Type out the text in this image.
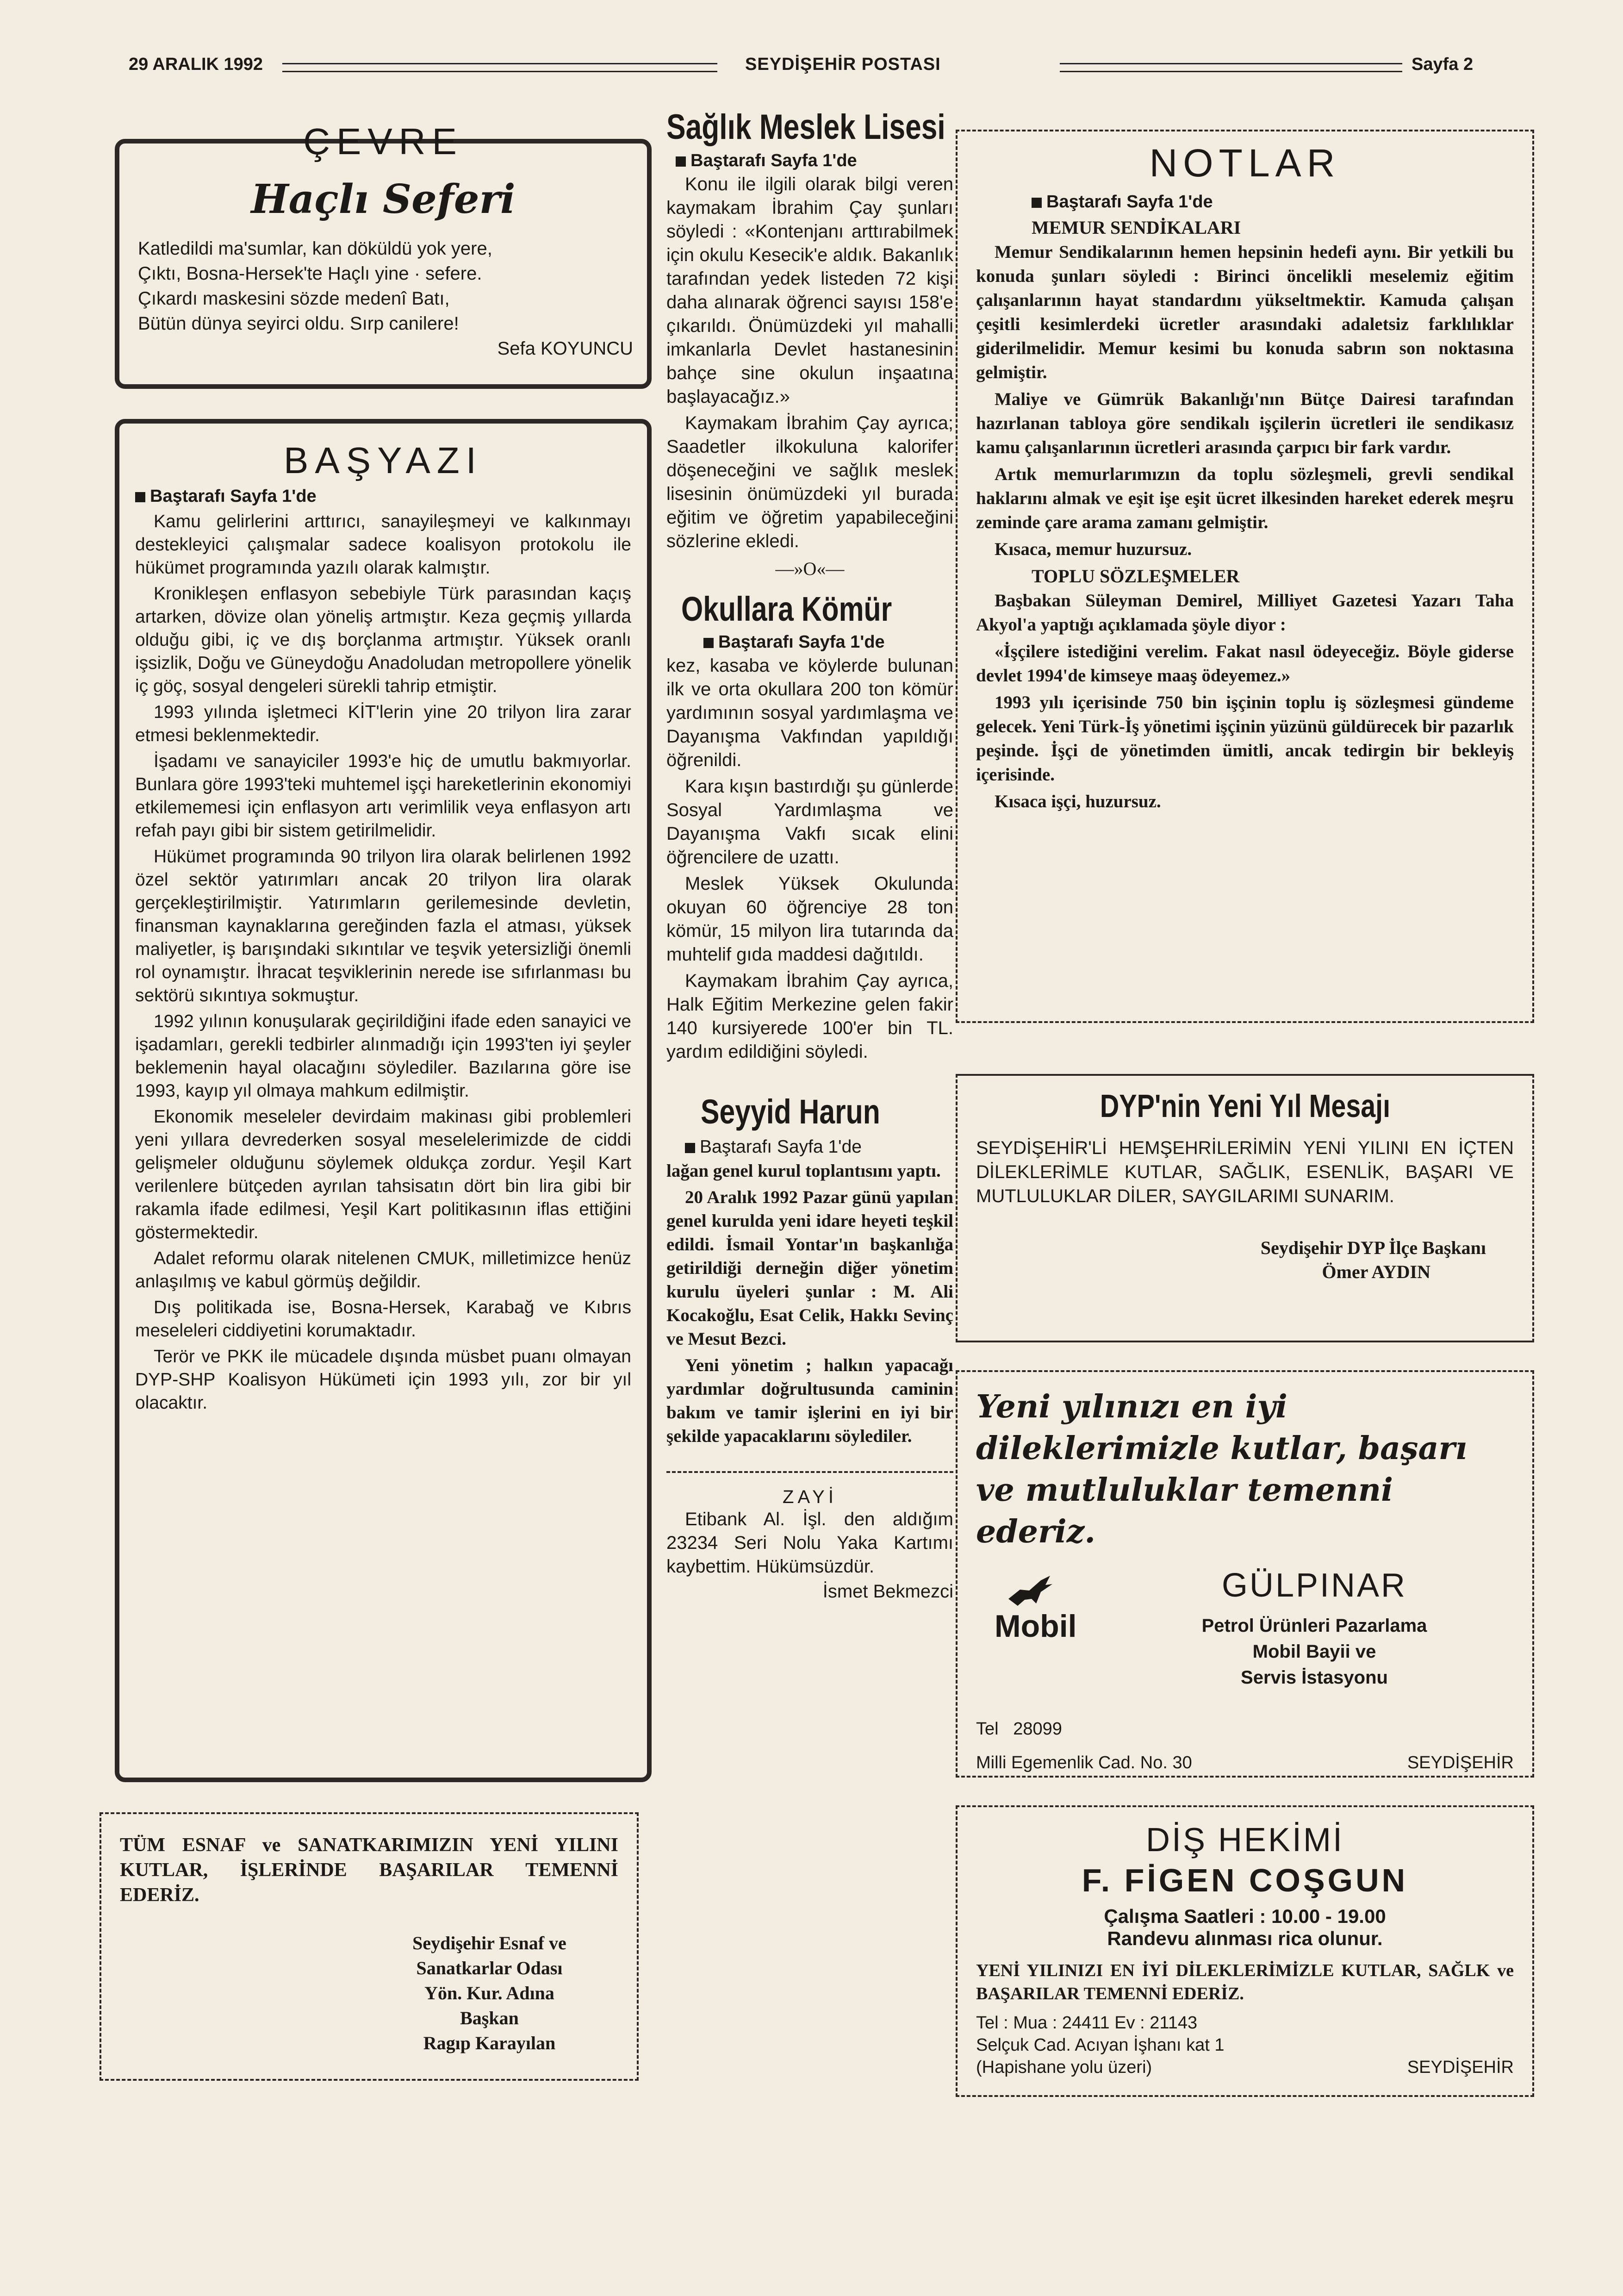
29 ARALIK 1992	SEYDİŞEHİR POSTASI	Sayfa 2
ÇEVRE
Haçlı Seferi
Katledildi ma'sumlar, kan döküldü yok yere,
Çıktı, Bosna-Hersek'te Haçlı yine · sefere.
Çıkardı maskesini sözde medenî Batı,
Bütün dünya seyirci oldu. Sırp canilere!
Sefa KOYUNCU
BAŞYAZI
Baştarafı Sayfa 1'de

Kamu gelirlerini arttırıcı, sanayileşmeyi ve kalkınmayı destekleyici çalışmalar sadece koalisyon protokolu ile hükümet programında yazılı olarak kalmıştır.

Kronikleşen enflasyon sebebiyle Türk parasından kaçış artarken, dövize olan yöneliş artmıştır. Keza geçmiş yıllarda olduğu gibi, iç ve dış borçlanma artmıştır. Yüksek oranlı işsizlik, Doğu ve Güneydoğu Anadoludan metropollere yönelik iç göç, sosyal dengeleri sürekli tahrip etmiştir.

1993 yılında işletmeci KİT'lerin yine 20 trilyon lira zarar etmesi beklenmektedir.

İşadamı ve sanayiciler 1993'e hiç de umutlu bakmıyorlar. Bunlara göre 1993'teki muhtemel işçi hareketlerinin ekonomiyi etkilememesi için enflasyon artı verimlilik veya enflasyon artı refah payı gibi bir sistem getirilmelidir.

Hükümet programında 90 trilyon lira olarak belirlenen 1992 özel sektör yatırımları ancak 20 trilyon lira olarak gerçekleştirilmiştir. Yatırımların gerilemesinde devletin, finansman kaynaklarına gereğinden fazla el atması, yüksek maliyetler, iş barışındaki sıkıntılar ve teşvik yetersizliği önemli rol oynamıştır. İhracat teşviklerinin nerede ise sıfırlanması bu sektörü sıkıntıya sokmuştur.

1992 yılının konuşularak geçirildiğini ifade eden sanayici ve işadamları, gerekli tedbirler alınmadığı için 1993'ten iyi şeyler beklemenin hayal olacağını söylediler. Bazılarına göre ise 1993, kayıp yıl olmaya mahkum edilmiştir.

Ekonomik meseleler devirdaim makinası gibi problemleri yeni yıllara devrederken sosyal meselelerimizde de ciddi gelişmeler olduğunu söylemek oldukça zordur. Yeşil Kart verilenlere bütçeden ayrılan tahsisatın dört bin lira gibi bir rakamla ifade edilmesi, Yeşil Kart politikasının iflas ettiğini göstermektedir.

Adalet reformu olarak nitelenen CMUK, milletimizce henüz anlaşılmış ve kabul görmüş değildir.

Dış politikada ise, Bosna-Hersek, Karabağ ve Kıbrıs meseleleri ciddiyetini korumaktadır.

Terör ve PKK ile mücadele dışında müsbet puanı olmayan DYP-SHP Koalisyon Hükümeti için 1993 yılı, zor bir yıl olacaktır.

TÜM ESNAF ve SANATKARIMIZIN YENİ YILINI KUTLAR, İŞLERİNDE BAŞARILAR TEMENNİ EDERİZ.
Seydişehir Esnaf ve
Sanatkarlar Odası
Yön. Kur. Adına
Başkan
Ragıp Karayılan
Sağlık Meslek Lisesi
Baştarafı Sayfa 1'de

Konu ile ilgili olarak bilgi veren kaymakam İbrahim Çay şunları söyledi : «Kontenjanı arttırabilmek için okulu Kesecik'e aldık. Bakanlık tarafından yedek listeden 72 kişi daha alınarak öğrenci sayısı 158'e çıkarıldı. Önümüzdeki yıl mahalli imkanlarla Devlet hastanesinin bahçe sine okulun inşaatına başlayacağız.»

Kaymakam İbrahim Çay ayrıca; Saadetler ilkokuluna kalorifer döşeneceğini ve sağlık meslek lisesinin önümüzdeki yıl burada eğitim ve öğretim yapabileceğini sözlerine ekledi.

—»O«—
Okullara Kömür
Baştarafı Sayfa 1'de

kez, kasaba ve köylerde bulunan ilk ve orta okullara 200 ton kömür yardımının sosyal yardımlaşma ve Dayanışma Vakfından yapıldığı öğrenildi.

Kara kışın bastırdığı şu günlerde Sosyal Yardımlaşma ve Dayanışma Vakfı sıcak elini öğrencilere de uzattı.

Meslek Yüksek Okulunda okuyan 60 öğrenciye 28 ton kömür, 15 milyon lira tutarında da muhtelif gıda maddesi dağıtıldı.

Kaymakam İbrahim Çay ayrıca, Halk Eğitim Merkezine gelen fakir 140 kursiyerede 100'er bin TL. yardım edildiğini söyledi.

Seyyid Harun
Baştarafı Sayfa 1'de

lağan genel kurul toplantısını yaptı.

20 Aralık 1992 Pazar günü yapılan genel kurulda yeni idare heyeti teşkil edildi. İsmail Yontar'ın başkanlığa getirildiği derneğin diğer yönetim kurulu üyeleri şunlar : M. Ali Kocakoğlu, Esat Celik, Hakkı Sevinç ve Mesut Bezci.

Yeni yönetim ; halkın yapacağı yardımlar doğrultusunda caminin bakım ve tamir işlerini en iyi bir şekilde yapacaklarını söylediler.

ZAYİ

Etibank Al. İşl. den aldığım 23234 Seri Nolu Yaka Kartımı kaybettim. Hükümsüzdür.

İsmet Bekmezci
NOTLAR
Baştarafı Sayfa 1'de
MEMUR SENDİKALARI

Memur Sendikalarının hemen hepsinin hedefi aynı. Bir yetkili bu konuda şunları söyledi : Birinci öncelikli meselemiz eğitim çalışanlarının hayat standardını yükseltmektir. Kamuda çalışan çeşitli kesimlerdeki ücretler arasındaki adaletsiz farklılıklar giderilmelidir. Memur kesimi bu konuda sabrın son noktasına gelmiştir.

Maliye ve Gümrük Bakanlığı'nın Bütçe Dairesi tarafından hazırlanan tabloya göre sendikalı işçilerin ücretleri ile sendikasız kamu çalışanlarının ücretleri arasında çarpıcı bir fark vardır.

Artık memurlarımızın da toplu sözleşmeli, grevli sendikal haklarını almak ve eşit işe eşit ücret ilkesinden hareket ederek meşru zeminde çare arama zamanı gelmiştir.

Kısaca, memur huzursuz.

TOPLU SÖZLEŞMELER

Başbakan Süleyman Demirel, Milliyet Gazetesi Yazarı Taha Akyol'a yaptığı açıklamada şöyle diyor :

«İşçilere istediğini verelim. Fakat nasıl ödeyeceğiz. Böyle giderse devlet 1994'de kimseye maaş ödeyemez.»

1993 yılı içerisinde 750 bin işçinin toplu iş sözleşmesi gündeme gelecek. Yeni Türk-İş yönetimi işçinin yüzünü güldürecek bir pazarlık peşinde. İşçi de yönetimden ümitli, ancak tedirgin bir bekleyiş içerisinde.

Kısaca işçi, huzursuz.

DYP'nin Yeni Yıl Mesajı
SEYDİŞEHİR'Lİ HEMŞEHRİLERİMİN YENİ YILINI EN İÇTEN DİLEKLERİMLE KUTLAR, SAĞLIK, ESENLİK, BAŞARI VE MUTLULUKLAR DİLER, SAYGILARIMI SUNARIM.
Seydişehir DYP İlçe Başkanı
Ömer AYDIN
Yeni yılınızı en iyi dileklerimizle kutlar, başarı ve mutluluklar temenni ederiz.
Mobil
GÜLPINAR
Petrol Ürünleri Pazarlama
Mobil Bayii ve
Servis İstasyonu
Tel 28099
Milli Egemenlik Cad. No. 30	SEYDİŞEHİR
DİŞ HEKİMİ
F. FİGEN COŞGUN
Çalışma Saatleri : 10.00 - 19.00
Randevu alınması rica olunur.
YENİ YILINIZI EN İYİ DİLEKLERİMİZLE KUTLAR, SAĞLK ve BAŞARILAR TEMENNİ EDERİZ.
Tel : Mua : 24411 Ev : 21143
Selçuk Cad. Acıyan İşhanı kat 1
(Hapishane yolu üzeri)	SEYDİŞEHİR
